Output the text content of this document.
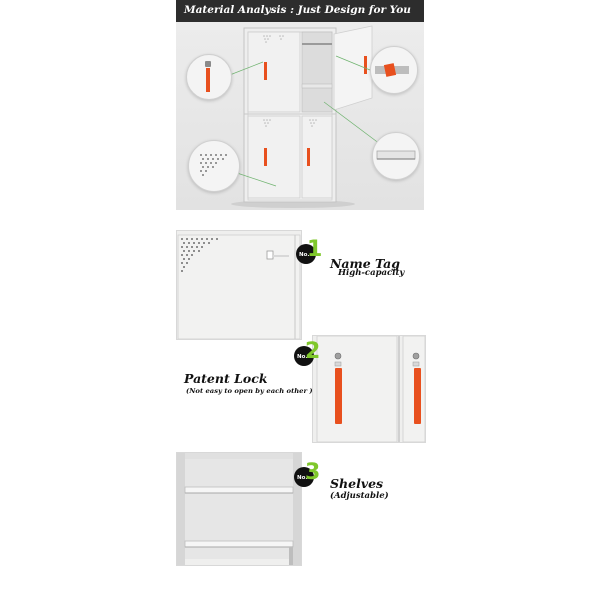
Material Analysis : Just Design for You
No.
1
Name Tag
High-capacity
No.
2
Patent Lock
(Not easy to open by each other )
No.
3 Shelves
(Adjustable)
